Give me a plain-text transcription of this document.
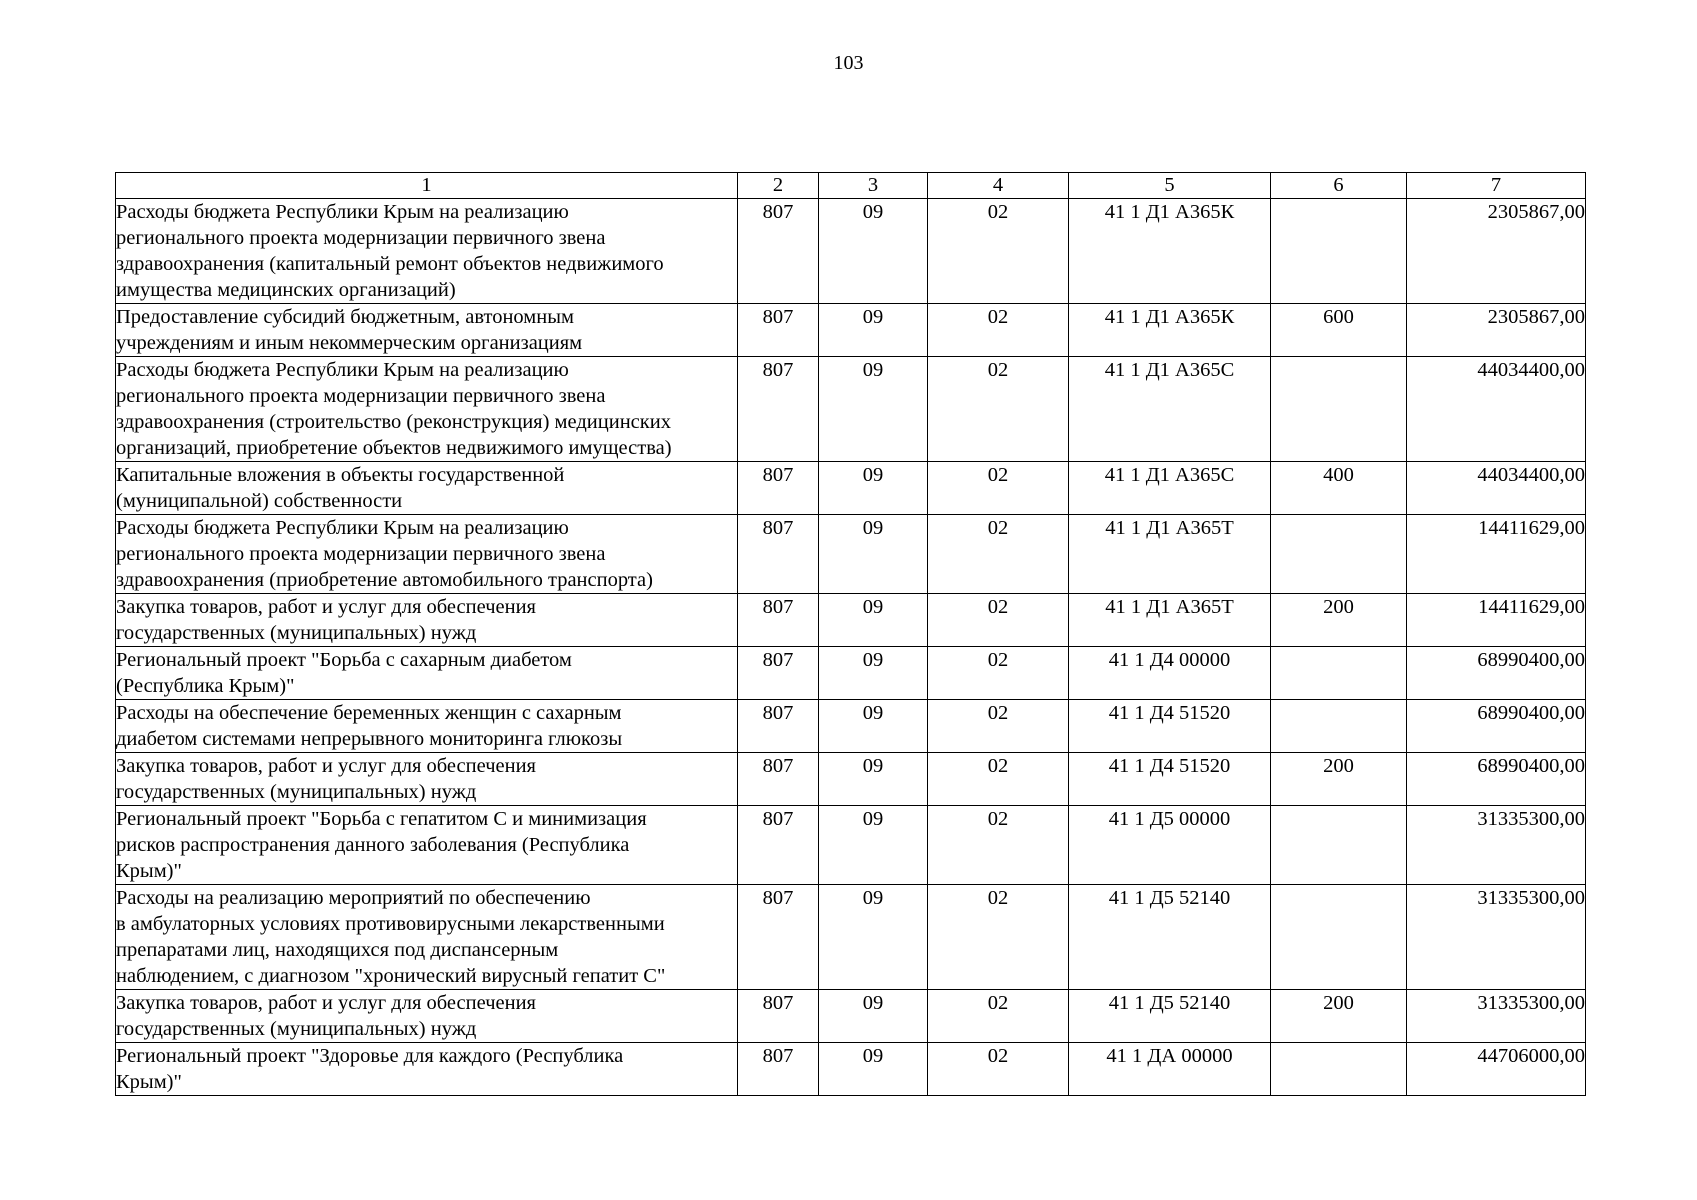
103
1	2	3	4	5	6	7

Расходы бюджета Республики Крым на реализацию
регионального проекта модернизации первичного звена
здравоохранения (капитальный ремонт объектов недвижимого
имущества медицинских организаций)	807	09	02	41 1 Д1 А365К		2305867,00

Предоставление субсидий бюджетным, автономным
учреждениям и иным некоммерческим организациям	807	09	02	41 1 Д1 А365К	600	2305867,00

Расходы бюджета Республики Крым на реализацию
регионального проекта модернизации первичного звена
здравоохранения (строительство (реконструкция) медицинских
организаций, приобретение объектов недвижимого имущества)	807	09	02	41 1 Д1 А365С		44034400,00

Капитальные вложения в объекты государственной
(муниципальной) собственности	807	09	02	41 1 Д1 А365С	400	44034400,00

Расходы бюджета Республики Крым на реализацию
регионального проекта модернизации первичного звена
здравоохранения (приобретение автомобильного транспорта)	807	09	02	41 1 Д1 А365Т		14411629,00

Закупка товаров, работ и услуг для обеспечения
государственных (муниципальных) нужд	807	09	02	41 1 Д1 А365Т	200	14411629,00

Региональный проект "Борьба с сахарным диабетом
(Республика Крым)"	807	09	02	41 1 Д4 00000		68990400,00

Расходы на обеспечение беременных женщин с сахарным
диабетом системами непрерывного мониторинга глюкозы	807	09	02	41 1 Д4 51520		68990400,00

Закупка товаров, работ и услуг для обеспечения
государственных (муниципальных) нужд	807	09	02	41 1 Д4 51520	200	68990400,00

Региональный проект "Борьба с гепатитом С и минимизация
рисков распространения данного заболевания (Республика
Крым)"	807	09	02	41 1 Д5 00000		31335300,00

Расходы на реализацию мероприятий по обеспечению
в амбулаторных условиях противовирусными лекарственными
препаратами лиц, находящихся под диспансерным
наблюдением, с диагнозом "хронический вирусный гепатит С"	807	09	02	41 1 Д5 52140		31335300,00

Закупка товаров, работ и услуг для обеспечения
государственных (муниципальных) нужд	807	09	02	41 1 Д5 52140	200	31335300,00

Региональный проект "Здоровье для каждого (Республика
Крым)"	807	09	02	41 1 ДА 00000		44706000,00
